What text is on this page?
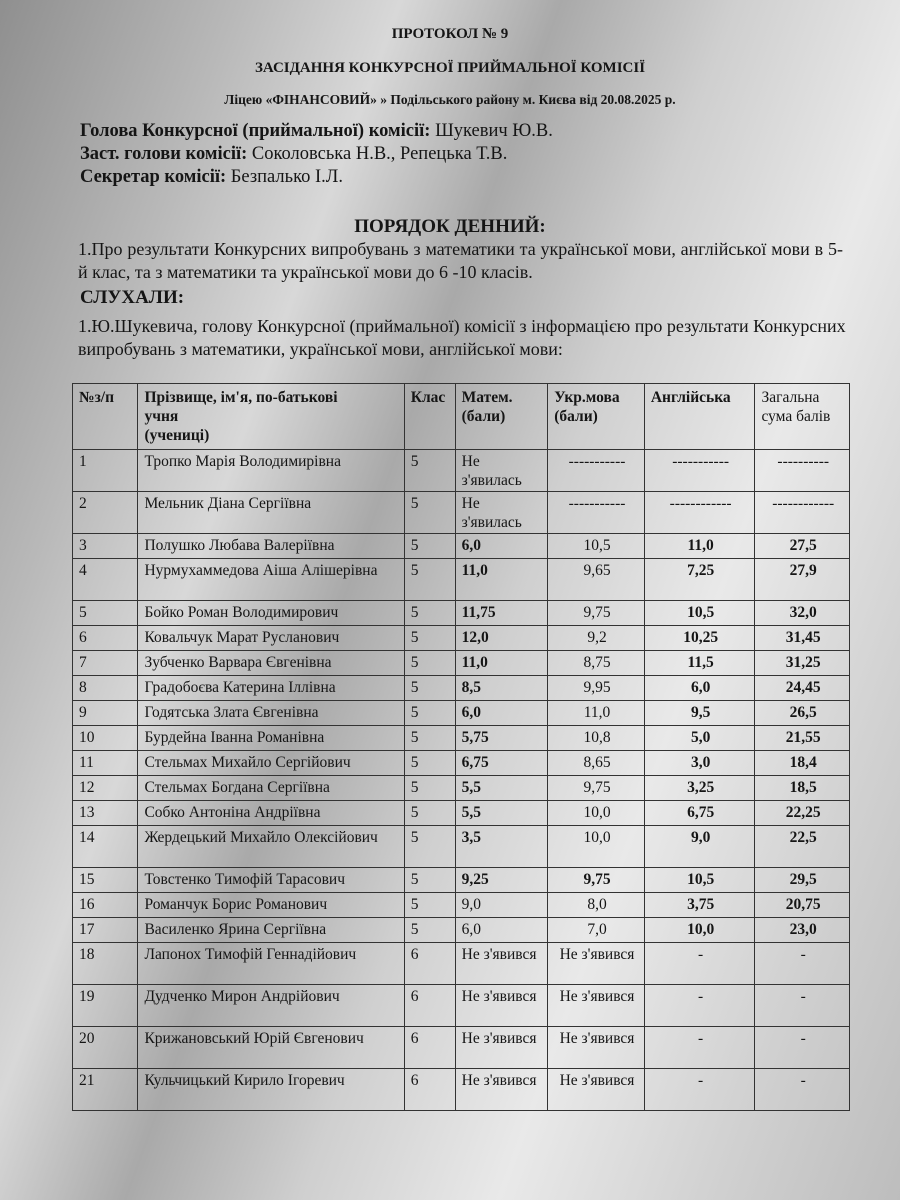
ПРОТОКОЛ № 9
ЗАСІДАННЯ КОНКУРСНОЇ ПРИЙМАЛЬНОЇ КОМІСІЇ
Ліцею «ФІНАНСОВИЙ» » Подільського району м. Києва від 20.08.2025 р.
Голова Конкурсної (приймальної) комісії: Шукевич Ю.В.
Заст. голови комісії: Соколовська Н.В., Репецька Т.В.
Секретар комісії: Безпалько І.Л.
ПОРЯДОК ДЕННИЙ:
1.Про результати Конкурсних випробувань з математики та української мови, англійської мови в 5-й клас, та з математики та української мови до 6 -10 класів.
СЛУХАЛИ:
1.Ю.Шукевича, голову Конкурсної (приймальної) комісії з інформацією про результати Конкурсних випробувань з математики, української мови, англійської мови:
№з/п	Прізвище, ім'я, по-батькові
учня
(учениці)	Клас	Матем. (бали)	Укр.мова (бали)	Англійська	Загальна сума балів
1	Тропко Марія Володимирівна	5	Не з'явилась	-----------	-----------	----------
2	Мельник Діана Сергіївна	5	Не з'явилась	-----------	------------	------------
3	Полушко Любава Валеріївна	5	6,0	10,5	11,0	27,5
4	Нурмухаммедова Аіша Алішерівна	5	11,0	9,65	7,25	27,9
5	Бойко Роман Володимирович	5	11,75	9,75	10,5	32,0
6	Ковальчук Марат Русланович	5	12,0	9,2	10,25	31,45
7	Зубченко Варвара Євгенівна	5	11,0	8,75	11,5	31,25
8	Градобоєва Катерина Іллівна	5	8,5	9,95	6,0	24,45
9	Годятська Злата Євгенівна	5	6,0	11,0	9,5	26,5
10	Бурдейна Іванна Романівна	5	5,75	10,8	5,0	21,55
11	Стельмах Михайло Сергійович	5	6,75	8,65	3,0	18,4
12	Стельмах Богдана Сергіївна	5	5,5	9,75	3,25	18,5
13	Собко Антоніна Андріївна	5	5,5	10,0	6,75	22,25
14	Жердецький Михайло Олексійович	5	3,5	10,0	9,0	22,5
15	Товстенко Тимофій Тарасович	5	9,25	9,75	10,5	29,5
16	Романчук Борис Романович	5	9,0	8,0	3,75	20,75
17	Василенко Ярина Сергіївна	5	6,0	7,0	10,0	23,0
18	Лапонох Тимофій Геннадійович	6	Не з'явився	Не з'явився	-	-
19	Дудченко Мирон Андрійович	6	Не з'явився	Не з'явився	-	-
20	Крижановський Юрій Євгенович	6	Не з'явився	Не з'явився	-	-
21	Кульчицький Кирило Ігоревич	6	Не з'явився	Не з'явився	-	-
